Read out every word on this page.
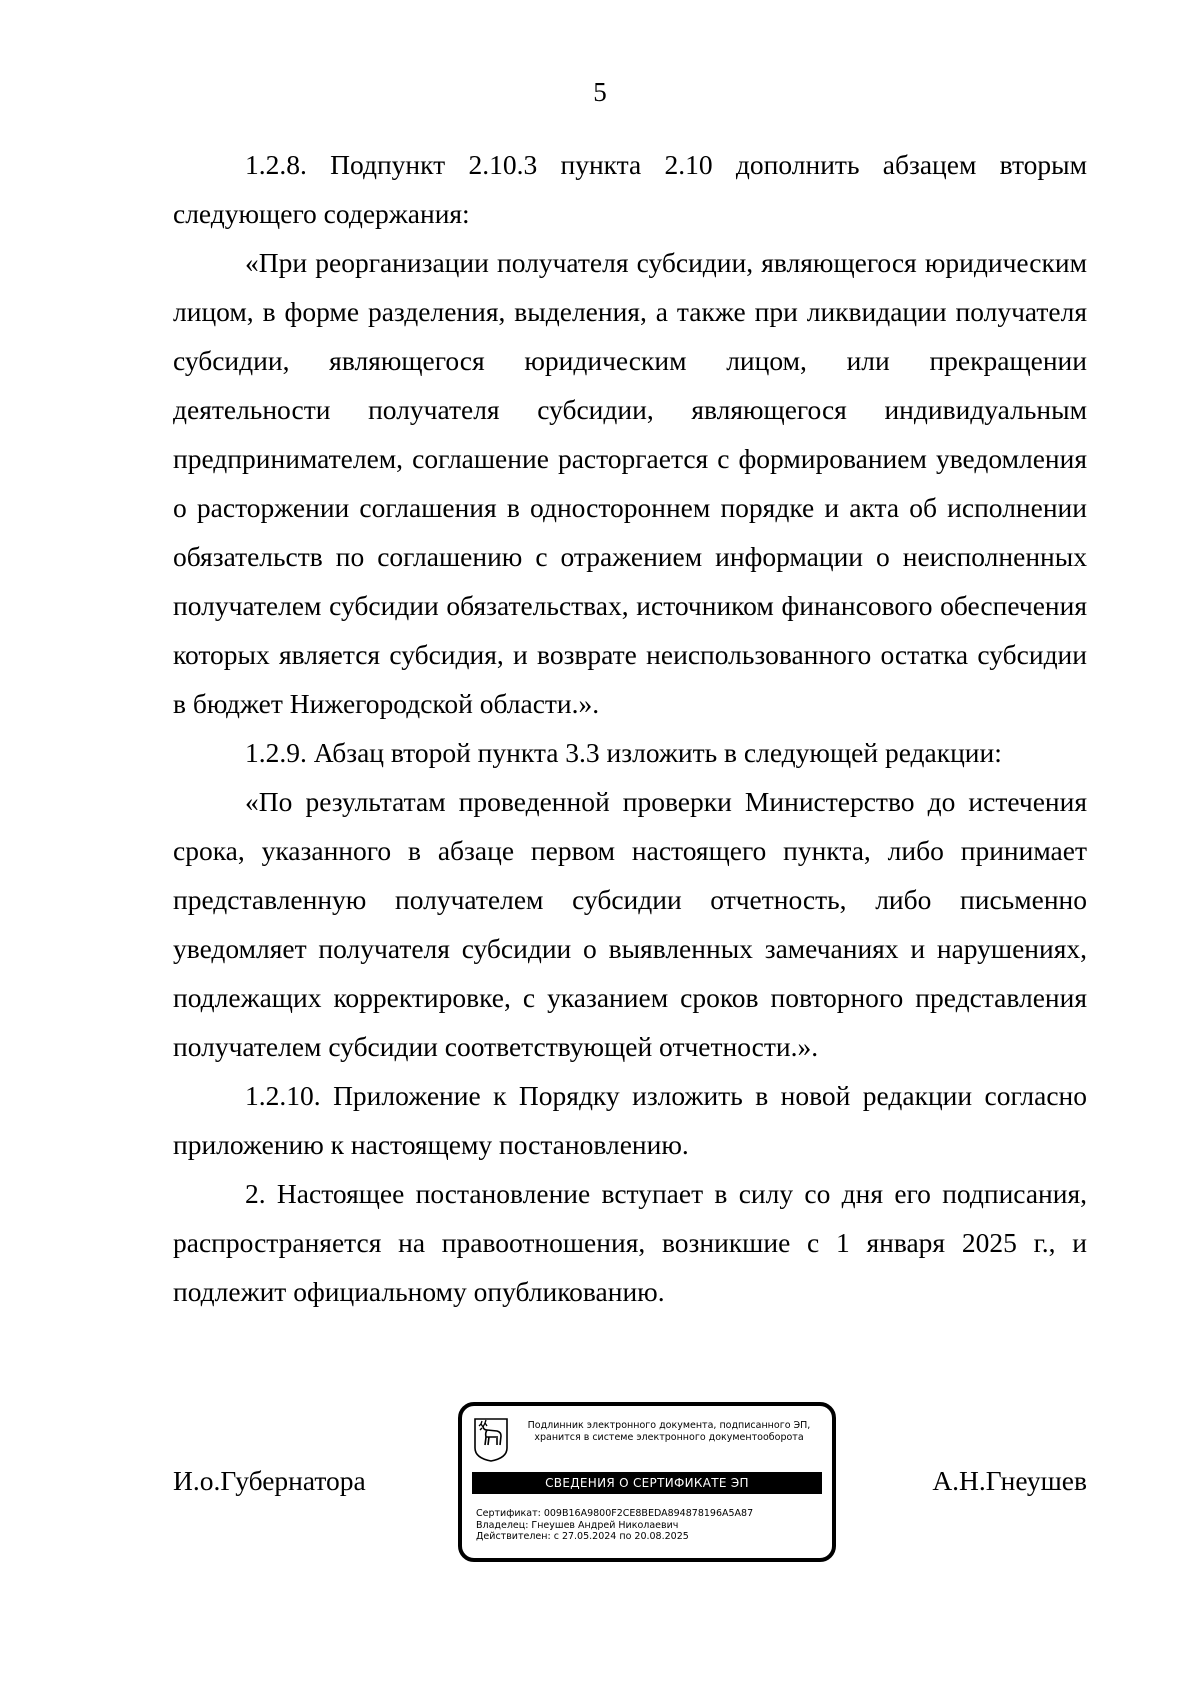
5

1.2.8. Подпункт 2.10.3 пункта 2.10 дополнить абзацем вторым следующего содержания:

«При реорганизации получателя субсидии, являющегося юридическим лицом, в форме разделения, выделения, а также при ликвидации получателя субсидии, являющегося юридическим лицом, или прекращении деятельности получателя субсидии, являющегося индивидуальным предпринимателем, соглашение расторгается с формированием уведомления о расторжении соглашения в одностороннем порядке и акта об исполнении обязательств по соглашению с отражением информации о неисполненных получателем субсидии обязательствах, источником финансового обеспечения которых является субсидия, и возврате неиспользованного остатка субсидии в бюджет Нижегородской области.».

1.2.9. Абзац второй пункта 3.3 изложить в следующей редакции:

«По результатам проведенной проверки Министерство до истечения срока, указанного в абзаце первом настоящего пункта, либо принимает представленную получателем субсидии отчетность, либо письменно уведомляет получателя субсидии о выявленных замечаниях и нарушениях, подлежащих корректировке, с указанием сроков повторного представления получателем субсидии соответствующей отчетности.».

1.2.10. Приложение к Порядку изложить в новой редакции согласно приложению к настоящему постановлению.

2. Настоящее постановление вступает в силу со дня его подписания, распространяется на правоотношения, возникшие с 1 января 2025 г., и подлежит официальному опубликованию.

И.о.Губернатора
Подлинник электронного документа, подписанного ЭП,
хранится в системе электронного документооборота
СВЕДЕНИЯ О СЕРТИФИКАТЕ ЭП
Сертификат: 009B16A9800F2CE8BEDA894878196A5A87
Владелец: Гнеушев Андрей Николаевич
Действителен: с 27.05.2024 по 20.08.2025
А.Н.Гнеушев
